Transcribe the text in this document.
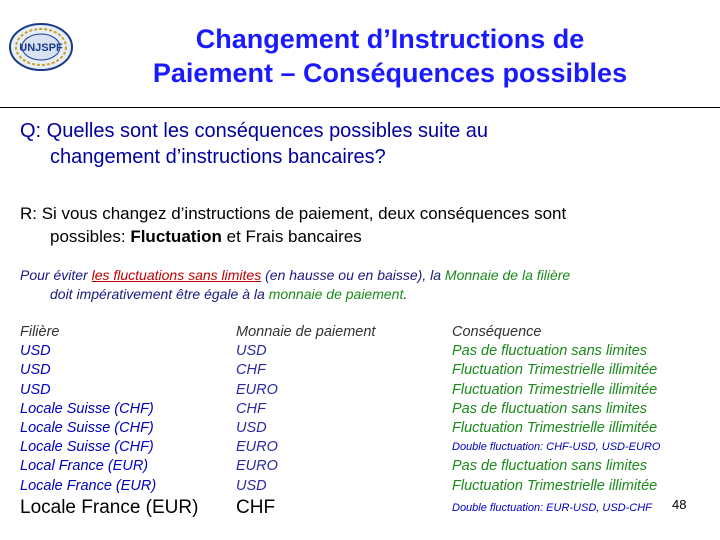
UNJSPF	Changement d’Instructions de
Paiement – Conséquences possibles
Q: Quelles sont les conséquences possibles suite au
changement d’instructions bancaires?
R: Si vous changez d’instructions de paiement, deux conséquences sont
possibles: Fluctuation et Frais bancaires
Pour éviter les fluctuations sans limites (en hausse ou en baisse), la Monnaie de la filière
doit impérativement être égale à la monnaie de paiement.
Filière
USD
USD
USD
Locale Suisse (CHF)
Locale Suisse (CHF)
Locale Suisse (CHF)
Local France (EUR)
Locale France (EUR)
Locale France (EUR)
Monnaie de paiement
USD
CHF
EURO
CHF
USD
EURO
EURO
USD
CHF
Conséquence
Pas de fluctuation sans limites
Fluctuation Trimestrielle illimitée
Fluctuation Trimestrielle illimitée
Pas de fluctuation sans limites
Fluctuation Trimestrielle illimitée
Double fluctuation: CHF-USD, USD-EURO
Pas de fluctuation sans limites
Fluctuation Trimestrielle illimitée
Double fluctuation: EUR-USD, USD-CHF	48
